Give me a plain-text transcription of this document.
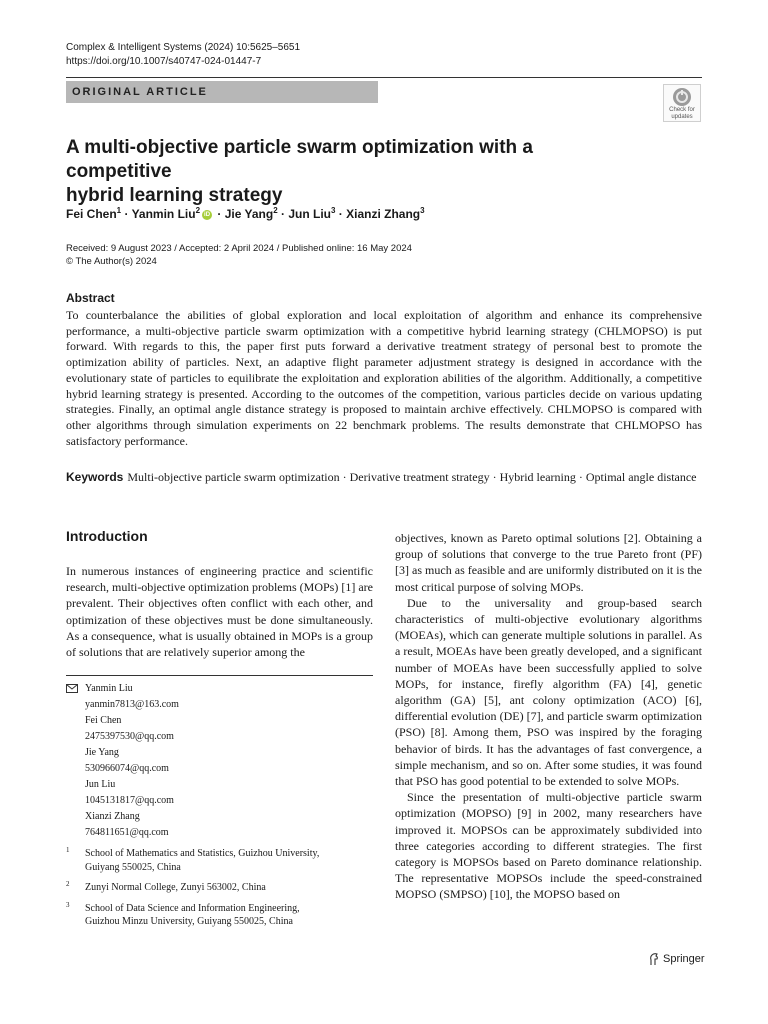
Complex & Intelligent Systems (2024) 10:5625–5651
https://doi.org/10.1007/s40747-024-01447-7
ORIGINAL ARTICLE
Check for
updates
A multi-objective particle swarm optimization with a competitive
hybrid learning strategy
Fei Chen$^1$ · Yanmin Liu$^2$ iD · Jie Yang$^2$ · Jun Liu$^3$ · Xianzi Zhang$^3$
Received: 9 August 2023 / Accepted: 2 April 2024 / Published online: 16 May 2024
© The Author(s) 2024
Abstract
To counterbalance the abilities of global exploration and local exploitation of algorithm and enhance its comprehensive performance, a multi-objective particle swarm optimization with a competitive hybrid learning strategy (CHLMOPSO) is put forward. With regards to this, the paper first puts forward a derivative treatment strategy of personal best to promote the optimization ability of particles. Next, an adaptive flight parameter adjustment strategy is designed in accordance with the evolutionary state of particles to equilibrate the exploitation and exploration abilities of the algorithm. Additionally, a competitive hybrid learning strategy is presented. According to the outcomes of the competition, various particles decide on various updating strategies. Finally, an optimal angle distance strategy is proposed to maintain archive effectively. CHLMOPSO is compared with other algorithms through simulation experiments on 22 benchmark problems. The results demonstrate that CHLMOPSO has satisfactory performance.
Keywords Multi-objective particle swarm optimization · Derivative treatment strategy · Hybrid learning · Optimal angle distance
Introduction
In numerous instances of engineering practice and scientific research, multi-objective optimization problems (MOPs) [1] are prevalent. Their objectives often conflict with each other, and optimization of these objectives must be done simultaneously. As a consequence, what is usually obtained in MOPs is a group of solutions that are relatively superior among the
Yanmin Liu
yanmin7813@163.com
Fei Chen
2475397530@qq.com
Jie Yang
530966074@qq.com
Jun Liu
1045131817@qq.com
Xianzi Zhang
764811651@qq.com
1 School of Mathematics and Statistics, Guizhou University,
Guiyang 550025, China
2 Zunyi Normal College, Zunyi 563002, China
3 School of Data Science and Information Engineering,
Guizhou Minzu University, Guiyang 550025, China
objectives, known as Pareto optimal solutions [2]. Obtaining a group of solutions that converge to the true Pareto front (PF) [3] as much as feasible and are uniformly distributed on it is the most critical purpose of solving MOPs.
Due to the universality and group-based search characteristics of multi-objective evolutionary algorithms (MOEAs), which can generate multiple solutions in parallel. As a result, MOEAs have been greatly developed, and a significant number of MOEAs have been successfully applied to solve MOPs, for instance, firefly algorithm (FA) [4], genetic algorithm (GA) [5], ant colony optimization (ACO) [6], differential evolution (DE) [7], and particle swarm optimization (PSO) [8]. Among them, PSO was inspired by the foraging behavior of birds. It has the advantages of fast convergence, a simple mechanism, and so on. After some studies, it was found that PSO has good potential to be extended to solve MOPs.
Since the presentation of multi-objective particle swarm optimization (MOPSO) [9] in 2002, many researchers have improved it. MOPSOs can be approximately subdivided into three categories according to different strategies. The first category is MOPSOs based on Pareto dominance relationship. The representative MOPSOs include the speed-constrained MOPSO (SMPSO) [10], the MOPSO based on
Springer
